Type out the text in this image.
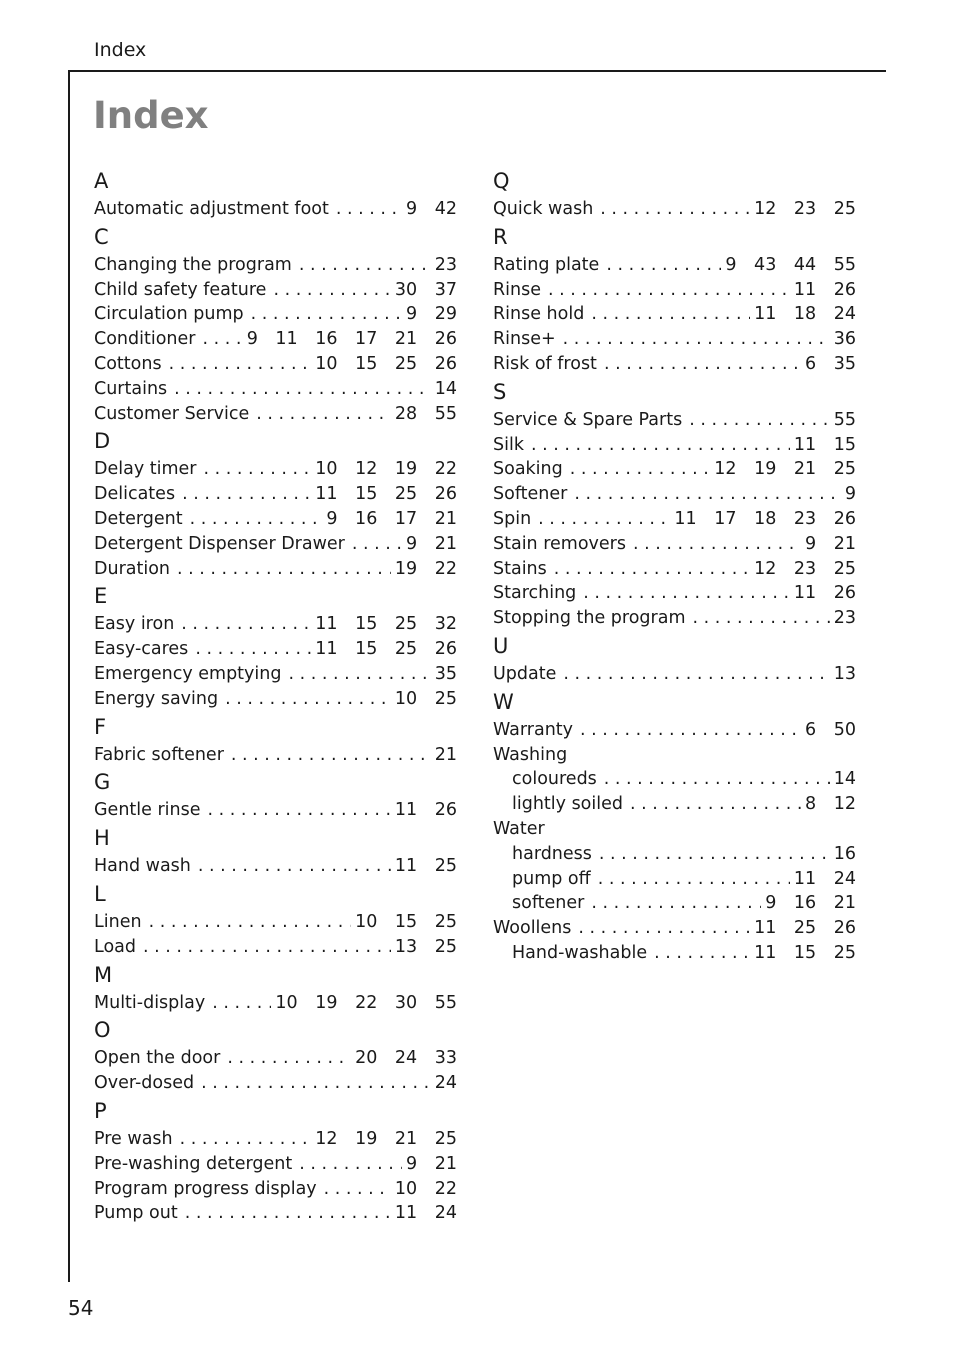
Index
Index
A
Automatic adjustment foot . . .	9 42
C
Changing the program . . .	23
Child safety feature . . .	30 37
Circulation pump . . .	9 29
Conditioner . . .	9 11 16 17 21 26
Cottons . . .	10 15 25 26
Curtains . . .	14
Customer Service . . .	28 55
D
Delay timer . . .	10 12 19 22
Delicates . . .	11 15 25 26
Detergent . . .	9 16 17 21
Detergent Dispenser Drawer . . .	9 21
Duration . . .	19 22
E
Easy iron . . .	11 15 25 32
Easy-cares . . .	11 15 25 26
Emergency emptying . . .	35
Energy saving . . .	10 25
F
Fabric softener . . .	21
G
Gentle rinse . . .	11 26
H
Hand wash . . .	11 25
L
Linen . . .	10 15 25
Load . . .	13 25
M
Multi-display . . .	10 19 22 30 55
O
Open the door . . .	20 24 33
Over-dosed . . .	24
P
Pre wash . . .	12 19 21 25
Pre-washing detergent . . .	9 21
Program progress display . . .	10 22
Pump out . . .	11 24
Q
Quick wash . . .	12 23 25
R
Rating plate . . .	9 43 44 55
Rinse . . .	11 26
Rinse hold . . .	11 18 24
Rinse+ . . .	36
Risk of frost . . .	6 35
S
Service & Spare Parts . . .	55
Silk . . .	11 15
Soaking . . .	12 19 21 25
Softener . . .	9
Spin . . .	11 17 18 23 26
Stain removers . . .	9 21
Stains . . .	12 23 25
Starching . . .	11 26
Stopping the program . . .	23
U
Update . . .	13
W
Warranty . . .	6 50
Washing
coloureds . . .	14
lightly soiled . . .	8 12
Water
hardness . . .	16
pump off . . .	11 24
softener . . .	9 16 21
Woollens . . .	11 25 26
Hand-washable . . .	11 15 25
54
